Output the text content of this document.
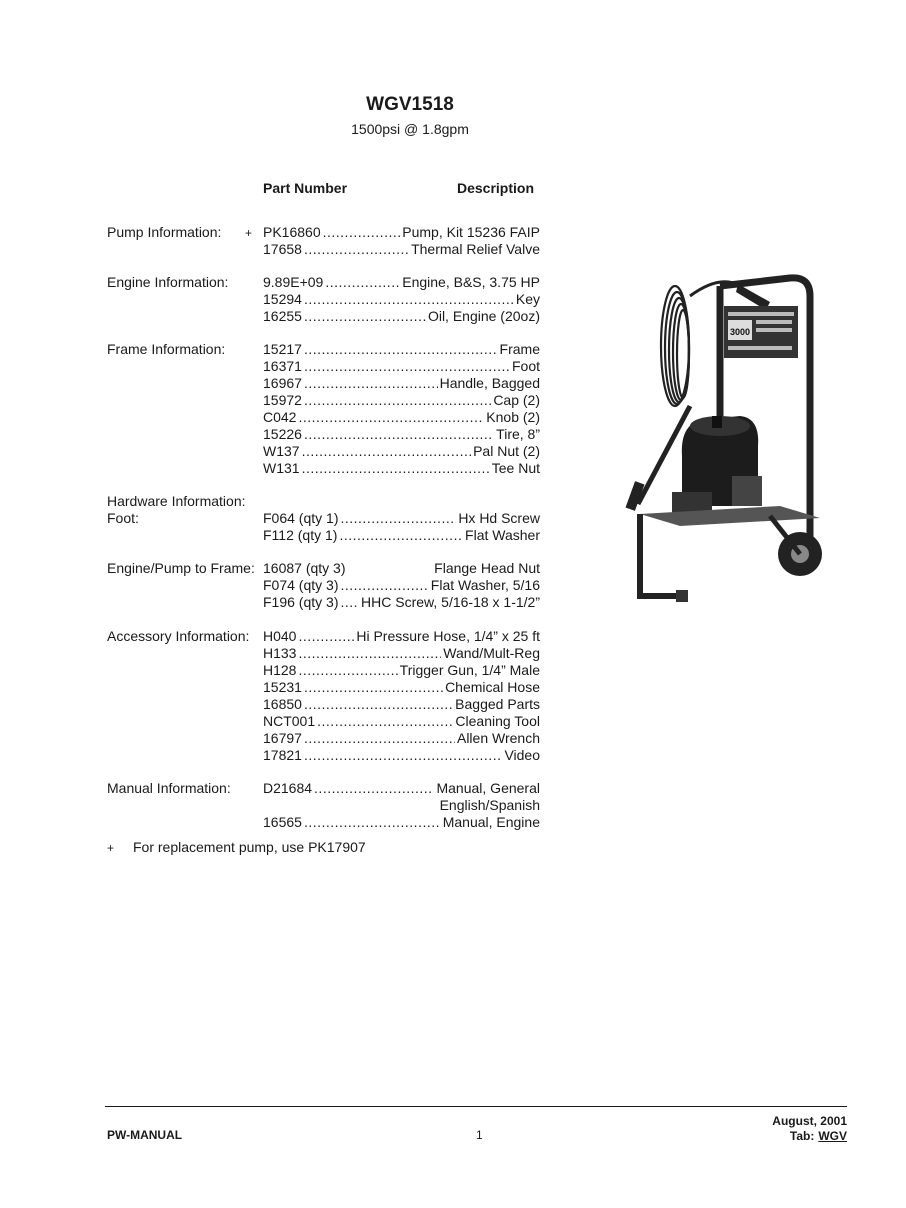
WGV1518
1500psi @ 1.8gpm
Part Number	Description
Pump Information: + PK16860 .....	Pump, Kit 15236 FAIP
17658 .....	Thermal Relief Valve
Engine Information: 9.89E+09 .....	Engine, B&S, 3.75 HP
15294 .....	Key
16255 .....	Oil, Engine (20oz)
Frame Information:	15217 .....	Frame
16371 .....	Foot
16967 .....	Handle, Bagged
15972 .....	Cap (2)
C042 .....	Knob (2)
15226 .....	Tire, 8”
W137 .....	Pal Nut (2)
W131 .....	Tee Nut
Hardware Information:
Foot:	F064 (qty 1) .....	Hx Hd Screw
F112 (qty 1) .....	Flat Washer
Engine/Pump to Frame: 16087 (qty 3)	Flange Head Nut
F074 (qty 3) .....	Flat Washer, 5/16
F196 (qty 3) ..... HHC Screw, 5/16-18 x 1-1/2”
Accessory Information: H040 .....	Hi Pressure Hose, 1/4” x 25 ft
H133 .....	Wand/Mult-Reg
H128 .....	Trigger Gun, 1/4” Male
15231 .....	Chemical Hose
16850 .....	Bagged Parts
NCT001 .....	Cleaning Tool
16797 .....	Allen Wrench
17821 .....	Video
Manual Information: D21684 .....	Manual, General
English/Spanish
16565 .....	Manual, Engine
+ For replacement pump, use PK17907
PW-MANUAL	1
August, 2001
Tab: WGV
3000
